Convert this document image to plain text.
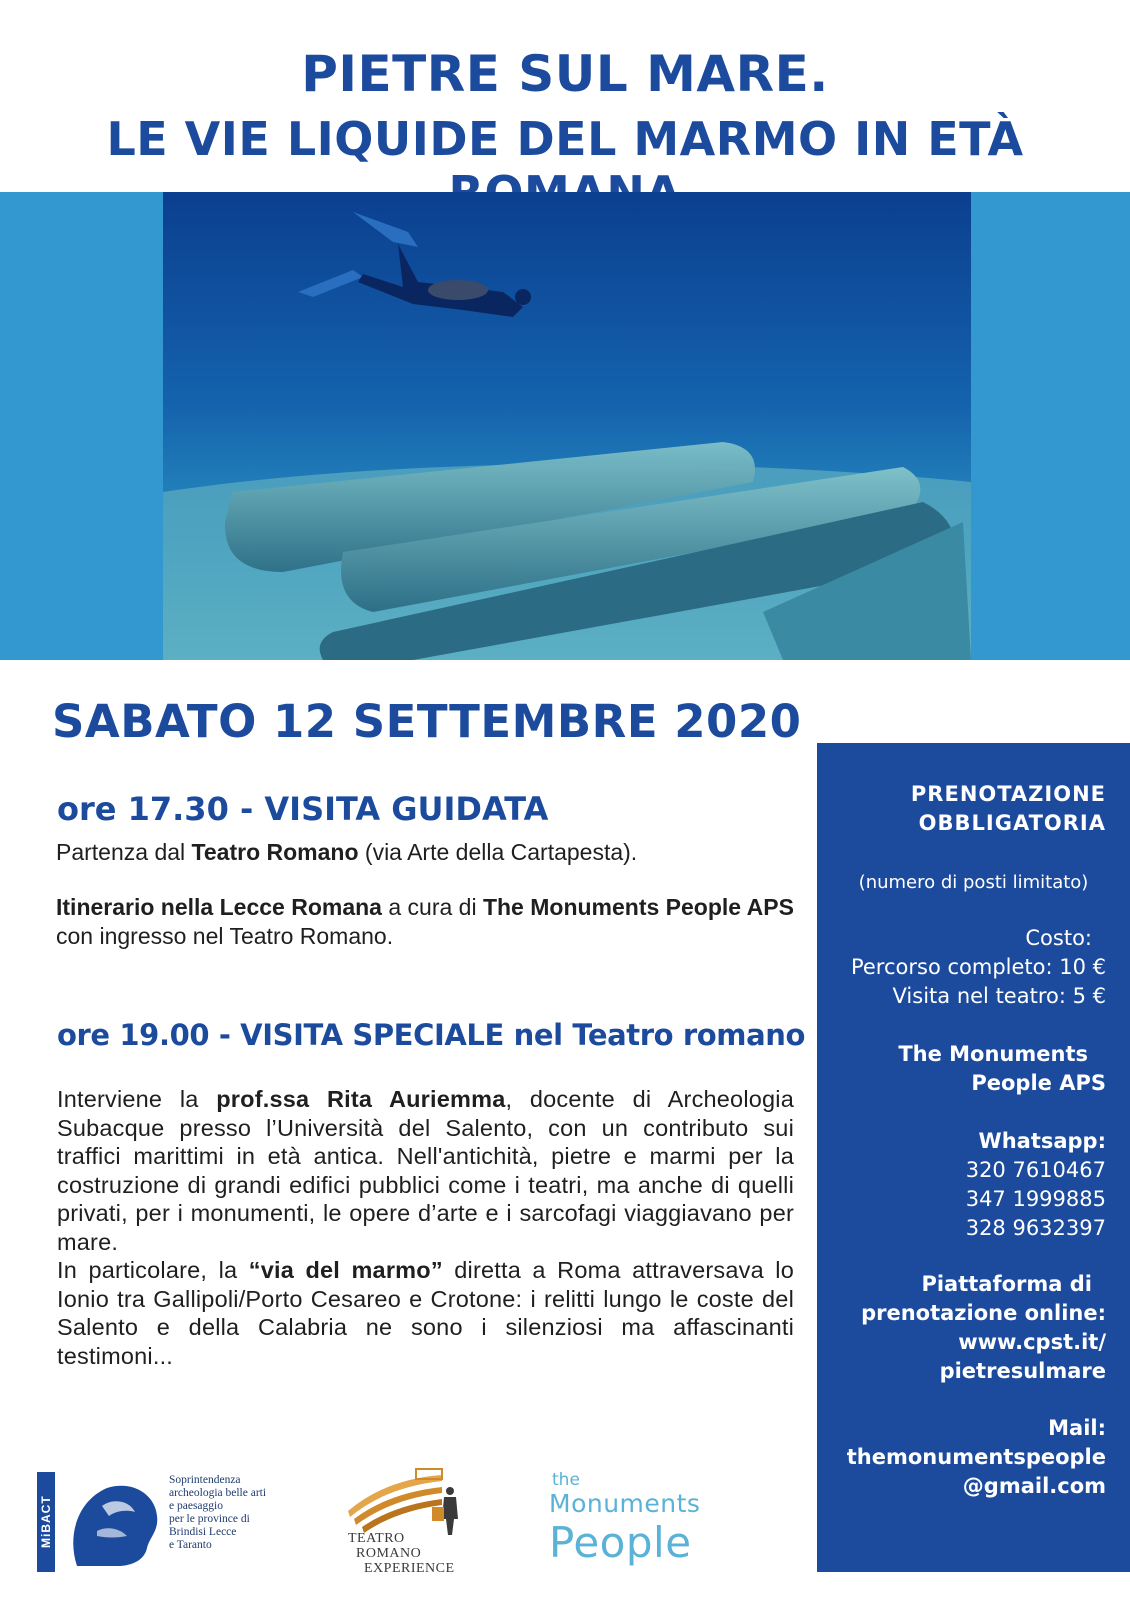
PIETRE SUL MARE.
LE VIE LIQUIDE DEL MARMO IN ETÀ
SABATO 12 SETTEMBRE 2020
ore 17.30 - VISITA GUIDATA
Partenza dal Teatro Romano (via Arte della Cartapesta).
Itinerario nella Lecce Romana a cura di The Monuments People APS con ingresso nel Teatro Romano.
ore 19.00 - VISITA SPECIALE nel Teatro romano

Interviene la prof.ssa Rita Auriemma, docente di Archeologia Subacque presso l’Università del Salento, con un contributo sui traffici marittimi in età antica. Nell'antichità, pietre e marmi per la costruzione di grandi edifici pubblici come i teatri, ma anche di quelli privati, per i monumenti, le opere d’arte e i sarcofagi viaggiavano per mare.

In particolare, la “via del marmo” diretta a Roma attraversava lo Ionio tra Gallipoli/Porto Cesareo e Crotone: i relitti lungo le coste del Salento e della Calabria ne sono i silenziosi ma affascinanti testimoni...

PRENOTAZIONE
OBBLIGATORIA
(numero di posti limitato)
Costo:
Percorso completo: 10 €
Visita nel teatro: 5 €
The Monuments
People APS
Whatsapp:
320 7610467
347 1999885
328 9632397
Piattaforma di
prenotazione online:
www.cpst.it/
pietresulmare
Mail:
themonumentspeople
@gmail.com
MiBACT
Soprintendenza
archeologia belle arti
e paesaggio
per le province di
Brindisi Lecce
e Taranto	TEATRO
ROMANO
EXPERIENCE
the
Monuments
People
